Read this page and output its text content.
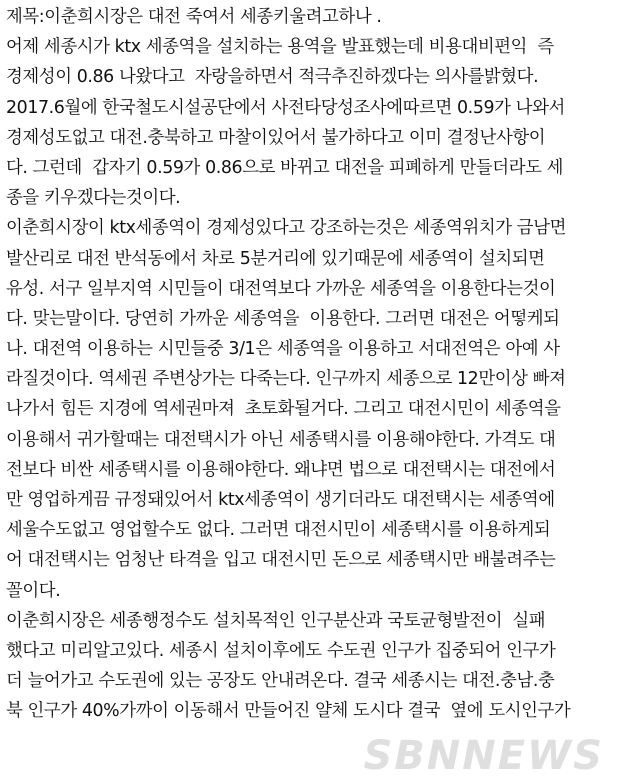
제목:이춘희시장은 대전 죽여서 세종키울려고하나 .
어제 세종시가 ktx 세종역을 설치하는 용역을 발표했는데 비용대비편익  즉
경제성이 0.86 나왔다고  자랑을하면서 적극추진하겠다는 의사를밝혔다.
2017.6월에 한국철도시설공단에서 사전타당성조사에따르면 0.59가 나와서
경제성도없고 대전.충북하고 마찰이있어서 불가하다고 이미 결정난사항이
다. 그런데  갑자기 0.59가 0.86으로 바뀌고 대전을 피폐하게 만들더라도 세
종을 키우겠다는것이다.
이춘희시장이 ktx세종역이 경제성있다고 강조하는것은 세종역위치가 금남면
발산리로 대전 반석동에서 차로 5분거리에 있기때문에 세종역이 설치되면
유성. 서구 일부지역 시민들이 대전역보다 가까운 세종역을 이용한다는것이
다. 맞는말이다. 당연히 가까운 세종역을  이용한다. 그러면 대전은 어떻케되
나. 대전역 이용하는 시민들중 3/1은 세종역을 이용하고 서대전역은 아예 사
라질것이다. 역세권 주변상가는 다죽는다. 인구까지 세종으로 12만이상 빠져
나가서 힘든 지경에 역세권마져  초토화될거다. 그리고 대전시민이 세종역을
이용해서 귀가할때는 대전택시가 아닌 세종택시를 이용해야한다. 가격도 대
전보다 비싼 세종택시를 이용해야한다. 왜냐면 법으로 대전택시는 대전에서
만 영업하게끔 규정돼있어서 ktx세종역이 생기더라도 대전택시는 세종역에
세울수도없고 영업할수도 없다. 그러면 대전시민이 세종택시를 이용하게되
어 대전택시는 엄청난 타격을 입고 대전시민 돈으로 세종택시만 배불려주는
꼴이다.
이춘희시장은 세종행정수도 설치목적인 인구분산과 국토균형발전이  실패
했다고 미리알고있다. 세종시 설치이후에도 수도권 인구가 집중되어 인구가
더 늘어가고 수도권에 있는 공장도 안내려온다. 결국 세종시는 대전.충남.충
북 인구가 40%가까이 이동해서 만들어진 얄체 도시다 결국  옆에 도시인구가
SBNNEWS
